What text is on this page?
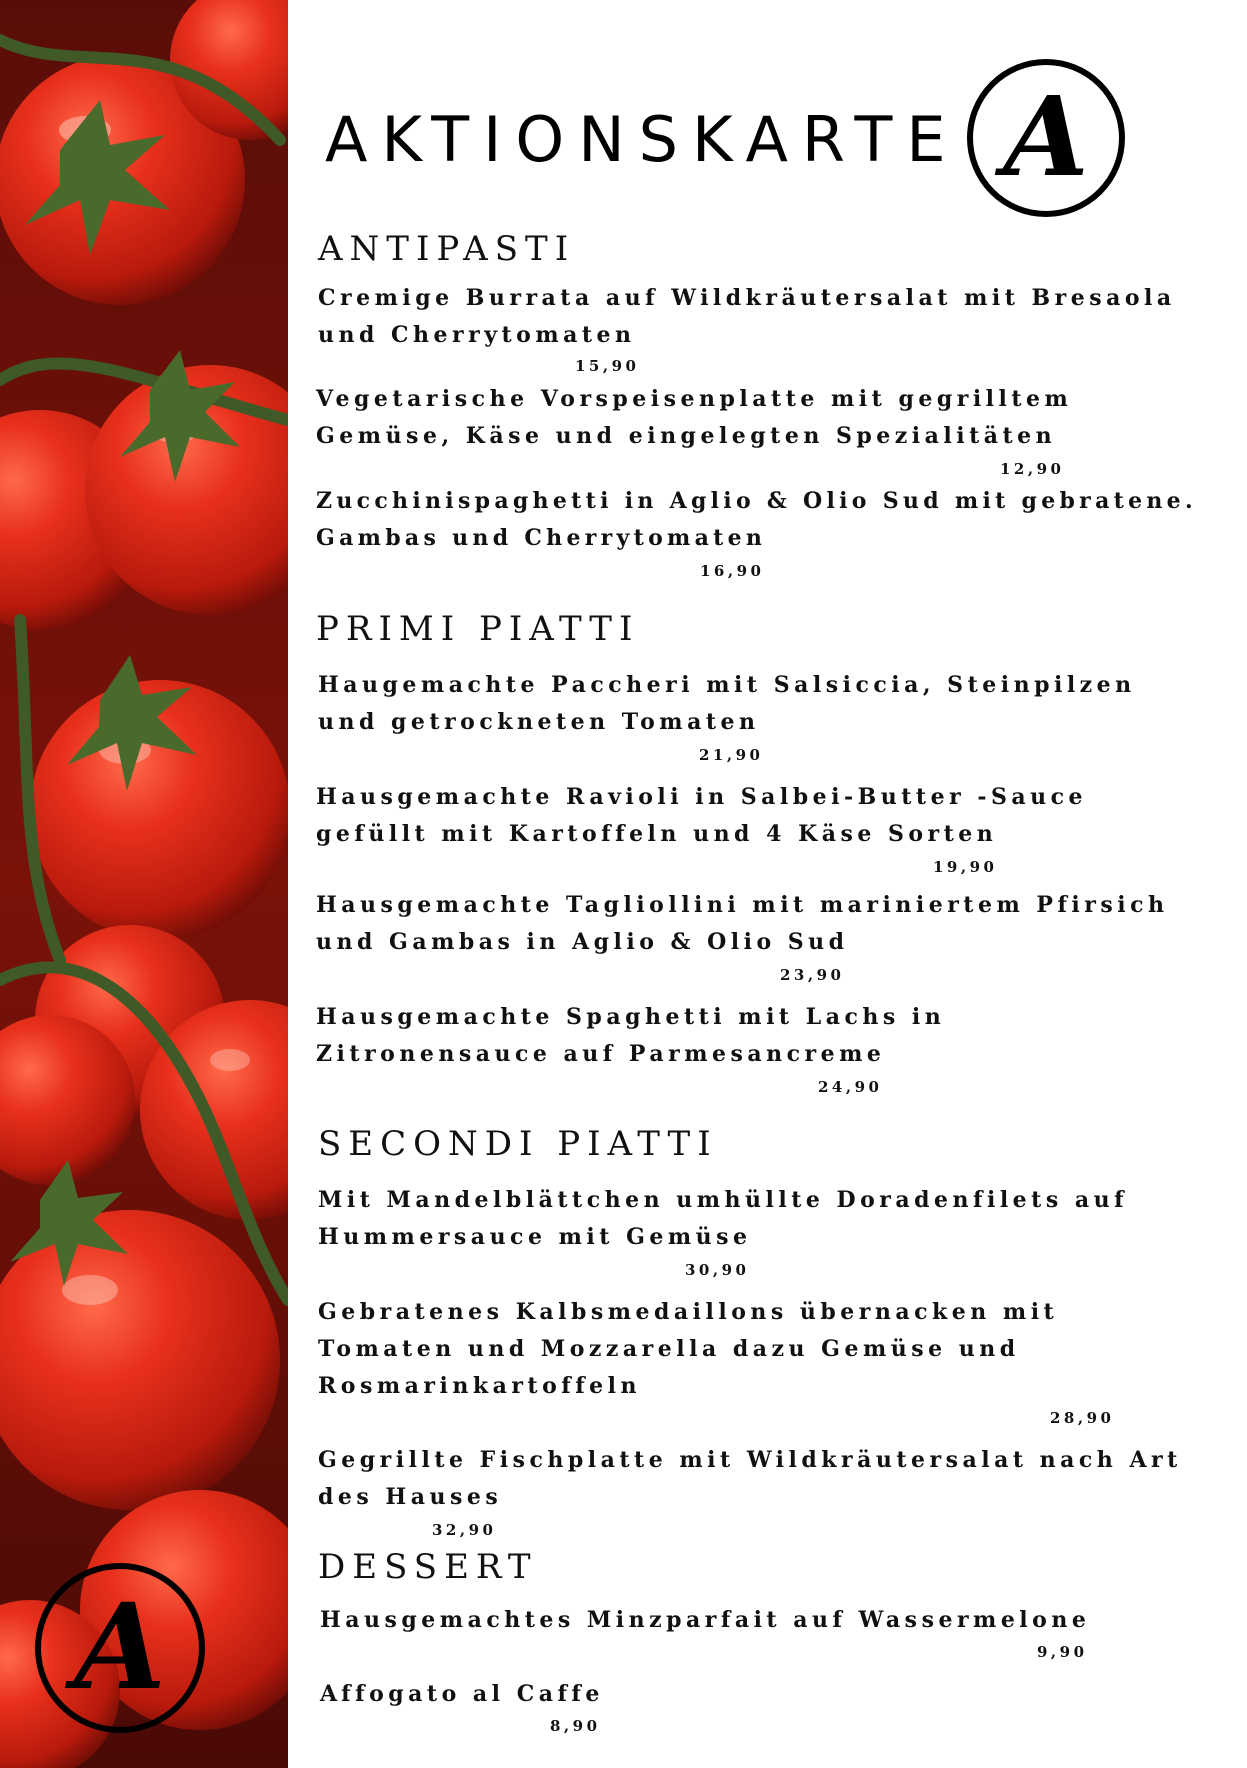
A
AKTIONSKARTE A
ANTIPASTI

Cremige Burrata auf Wildkräutersalat mit Bresaola
und Cherrytomaten

15,90

Vegetarische Vorspeisenplatte mit gegrilltem
Gemüse, Käse und eingelegten Spezialitäten

12,90

Zucchinispaghetti in Aglio & Olio Sud mit gebratene.
Gambas und Cherrytomaten

16,90

PRIMI PIATTI

Haugemachte Paccheri mit Salsiccia, Steinpilzen
und getrockneten Tomaten

21,90

Hausgemachte Ravioli in Salbei-Butter -Sauce
gefüllt mit Kartoffeln und 4 Käse Sorten

19,90

Hausgemachte Tagliollini mit mariniertem Pfirsich
und Gambas in Aglio & Olio Sud

23,90

Hausgemachte Spaghetti mit Lachs in
Zitronensauce auf Parmesancreme

24,90

SECONDI PIATTI

Mit Mandelblättchen umhüllte Doradenfilets auf
Hummersauce mit Gemüse

30,90

Gebratenes Kalbsmedaillons übernacken mit
Tomaten und Mozzarella dazu Gemüse und
Rosmarinkartoffeln

28,90

Gegrillte Fischplatte mit Wildkräutersalat nach Art
des Hauses

32,90

DESSERT

Hausgemachtes Minzparfait auf Wassermelone

9,90

Affogato al Caffe

8,90
